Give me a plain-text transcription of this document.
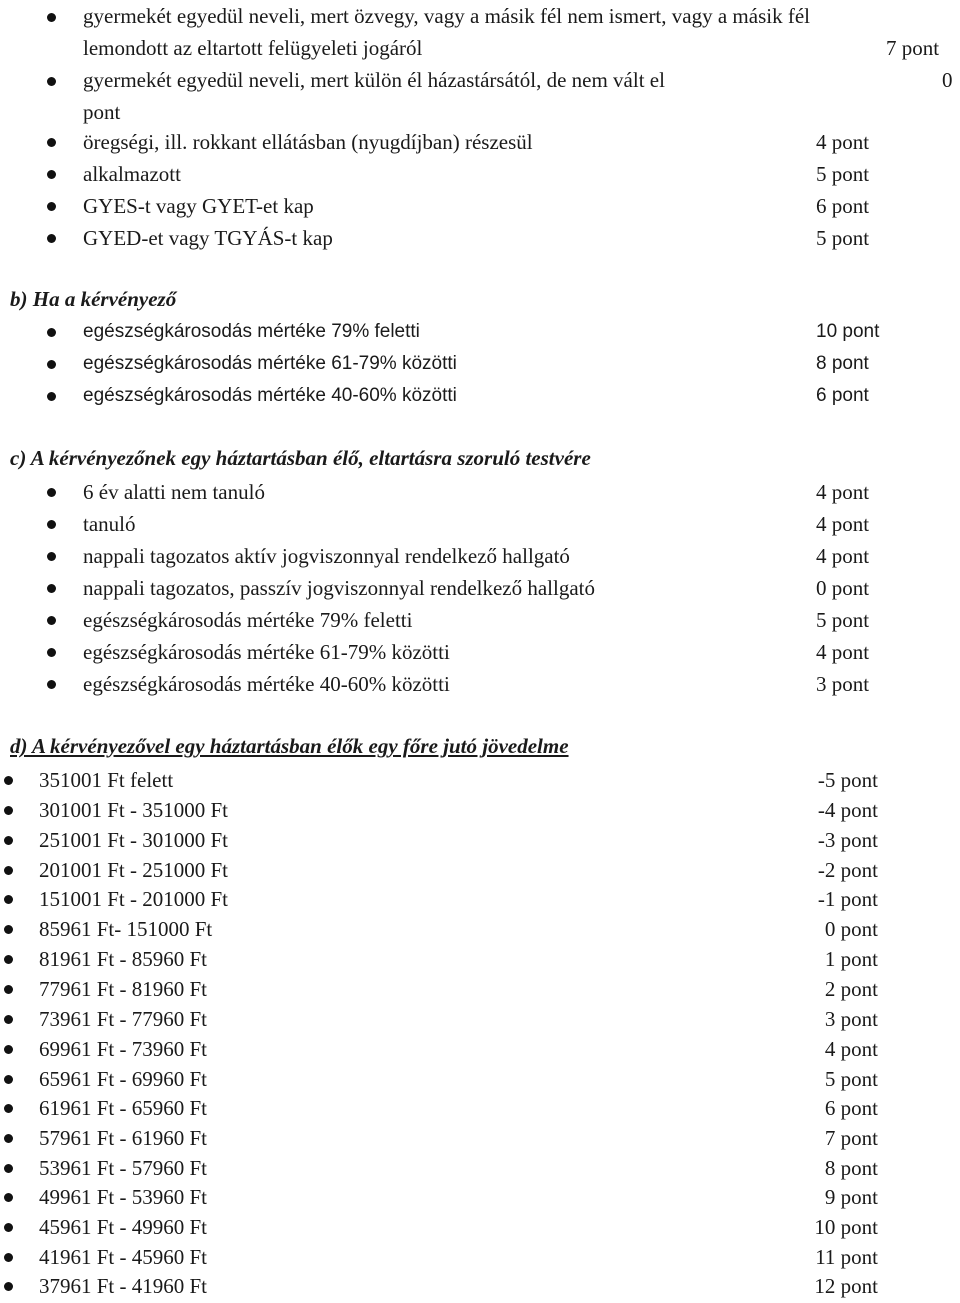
gyermekét egyedül neveli, mert özvegy, vagy a másik fél nem ismert, vagy a másik fél
lemondott az eltartott felügyeleti jogáról	7 pont
gyermekét egyedül neveli, mert külön él házastársától, de nem vált el	0
pont
öregségi, ill. rokkant ellátásban (nyugdíjban) részesül	4 pont
alkalmazott	5 pont
GYES-t vagy GYET-et kap	6 pont
GYED-et vagy TGYÁS-t kap	5 pont
b) Ha a kérvényező
egészségkárosodás mértéke 79% feletti	10 pont
egészségkárosodás mértéke 61-79% közötti	8 pont
egészségkárosodás mértéke 40-60% közötti	6 pont
c) A kérvényezőnek egy háztartásban élő, eltartásra szoruló testvére
6 év alatti nem tanuló	4 pont
tanuló	4 pont
nappali tagozatos aktív jogviszonnyal rendelkező hallgató	4 pont
nappali tagozatos, passzív jogviszonnyal rendelkező hallgató	0 pont
egészségkárosodás mértéke 79% feletti	5 pont
egészségkárosodás mértéke 61-79% közötti	4 pont
egészségkárosodás mértéke 40-60% közötti	3 pont
d) A kérvényezővel egy háztartásban élők egy főre jutó jövedelme
351001 Ft felett	-5 pont
301001 Ft - 351000 Ft	-4 pont
251001 Ft - 301000 Ft	-3 pont
201001 Ft - 251000 Ft	-2 pont
151001 Ft - 201000 Ft	-1 pont
85961 Ft- 151000 Ft	0 pont
81961 Ft - 85960 Ft	1 pont
77961 Ft - 81960 Ft	2 pont
73961 Ft - 77960 Ft	3 pont
69961 Ft - 73960 Ft	4 pont
65961 Ft - 69960 Ft	5 pont
61961 Ft - 65960 Ft	6 pont
57961 Ft - 61960 Ft	7 pont
53961 Ft - 57960 Ft	8 pont
49961 Ft - 53960 Ft	9 pont
45961 Ft - 49960 Ft	10 pont
41961 Ft - 45960 Ft	11 pont
37961 Ft - 41960 Ft	12 pont
